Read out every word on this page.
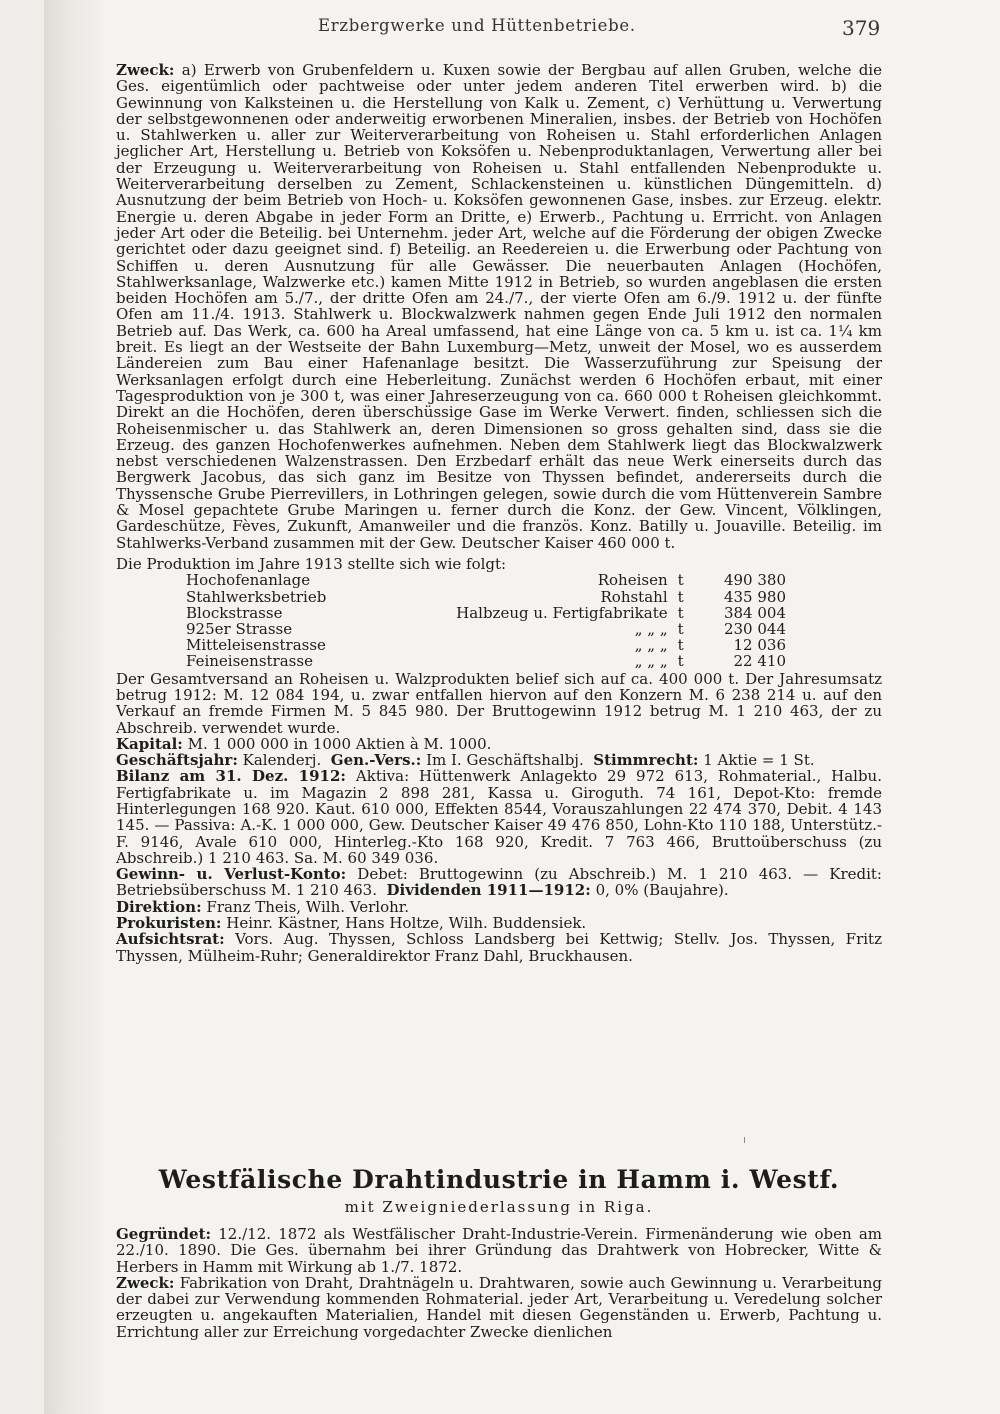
Erzbergwerke und Hüttenbetriebe.	379

Zweck: a) Erwerb von Grubenfeldern u. Kuxen sowie der Bergbau auf allen Gruben, welche die Ges. eigentümlich oder pachtweise oder unter jedem anderen Titel erwerben wird. b) die Gewinnung von Kalksteinen u. die Herstellung von Kalk u. Zement, c) Verhüttung u. Verwertung der selbstgewonnenen oder anderweitig erworbenen Mineralien, insbes. der Betrieb von Hochöfen u. Stahlwerken u. aller zur Weiterverarbeitung von Roheisen u. Stahl erforderlichen Anlagen jeglicher Art, Herstellung u. Betrieb von Koksöfen u. Nebenproduktanlagen, Verwertung aller bei der Erzeugung u. Weiterverarbeitung von Roheisen u. Stahl entfallenden Nebenprodukte u. Weiterverarbeitung derselben zu Zement, Schlackensteinen u. künstlichen Düngemitteln. d) Ausnutzung der beim Betrieb von Hoch- u. Koksöfen gewonnenen Gase, insbes. zur Erzeug. elektr. Energie u. deren Abgabe in jeder Form an Dritte, e) Erwerb., Pachtung u. Errricht. von Anlagen jeder Art oder die Beteilig. bei Unternehm. jeder Art, welche auf die Förderung der obigen Zwecke gerichtet oder dazu geeignet sind. f) Beteilig. an Reedereien u. die Erwerbung oder Pachtung von Schiffen u. deren Ausnutzung für alle Gewässer. Die neuerbauten Anlagen (Hochöfen, Stahlwerksanlage, Walzwerke etc.) kamen Mitte 1912 in Betrieb, so wurden angeblasen die ersten beiden Hochöfen am 5./7., der dritte Ofen am 24./7., der vierte Ofen am 6./9. 1912 u. der fünfte Ofen am 11./4. 1913. Stahlwerk u. Blockwalzwerk nahmen gegen Ende Juli 1912 den normalen Betrieb auf. Das Werk, ca. 600 ha Areal umfassend, hat eine Länge von ca. 5 km u. ist ca. 1¼ km breit. Es liegt an der Westseite der Bahn Luxemburg—Metz, unweit der Mosel, wo es ausserdem Ländereien zum Bau einer Hafenanlage besitzt. Die Wasserzuführung zur Speisung der Werksanlagen erfolgt durch eine Heberleitung. Zunächst werden 6 Hochöfen erbaut, mit einer Tagesproduktion von je 300 t, was einer Jahreserzeugung von ca. 660 000 t Roheisen gleichkommt. Direkt an die Hochöfen, deren überschüssige Gase im Werke Verwert. finden, schliessen sich die Roheisenmischer u. das Stahlwerk an, deren Dimensionen so gross gehalten sind, dass sie die Erzeug. des ganzen Hochofenwerkes aufnehmen. Neben dem Stahlwerk liegt das Blockwalzwerk nebst verschiedenen Walzenstrassen. Den Erzbedarf erhält das neue Werk einerseits durch das Bergwerk Jacobus, das sich ganz im Besitze von Thyssen befindet, andererseits durch die Thyssensche Grube Pierrevillers, in Lothringen gelegen, sowie durch die vom Hüttenverein Sambre & Mosel gepachtete Grube Maringen u. ferner durch die Konz. der Gew. Vincent, Völklingen, Gardeschütze, Fèves, Zukunft, Amanweiler und die französ. Konz. Batilly u. Jouaville. Beteilig. im Stahlwerks-Verband zusammen mit der Gew. Deutscher Kaiser 460 000 t.

Die Produktion im Jahre 1913 stellte sich wie folgt:
Hochofenanlage	Roheisen	t	490 380
Stahlwerksbetrieb	Rohstahl	t	435 980
Blockstrasse	Halbzeug u. Fertigfabrikate	t	384 004
925er Strasse	„ „ „	t	230 044
Mitteleisenstrasse	„ „ „	t	12 036
Feineisenstrasse	„ „ „	t	22 410

Der Gesamtversand an Roheisen u. Walzprodukten belief sich auf ca. 400 000 t. Der Jahresumsatz betrug 1912: M. 12 084 194, u. zwar entfallen hiervon auf den Konzern M. 6 238 214 u. auf den Verkauf an fremde Firmen M. 5 845 980. Der Bruttogewinn 1912 betrug M. 1 210 463, der zu Abschreib. verwendet wurde.

Kapital: M. 1 000 000 in 1000 Aktien à M. 1000.

Geschäftsjahr: Kalenderj. Gen.-Vers.: Im I. Geschäftshalbj. Stimmrecht: 1 Aktie = 1 St.

Bilanz am 31. Dez. 1912: Aktiva: Hüttenwerk Anlagekto 29 972 613, Rohmaterial., Halbu. Fertigfabrikate u. im Magazin 2 898 281, Kassa u. Giroguth. 74 161, Depot-Kto: fremde Hinterlegungen 168 920. Kaut. 610 000, Effekten 8544, Vorauszahlungen 22 474 370, Debit. 4 143 145. — Passiva: A.-K. 1 000 000, Gew. Deutscher Kaiser 49 476 850, Lohn-Kto 110 188, Unterstütz.-F. 9146, Avale 610 000, Hinterleg.-Kto 168 920, Kredit. 7 763 466, Bruttoüberschuss (zu Abschreib.) 1 210 463. Sa. M. 60 349 036.

Gewinn- u. Verlust-Konto: Debet: Bruttogewinn (zu Abschreib.) M. 1 210 463. — Kredit: Betriebsüberschuss M. 1 210 463. Dividenden 1911—1912: 0, 0% (Baujahre).

Direktion: Franz Theis, Wilh. Verlohr.

Prokuristen: Heinr. Kästner, Hans Holtze, Wilh. Buddensiek.

Aufsichtsrat: Vors. Aug. Thyssen, Schloss Landsberg bei Kettwig; Stellv. Jos. Thyssen, Fritz Thyssen, Mülheim-Ruhr; Generaldirektor Franz Dahl, Bruckhausen.

Westfälische Drahtindustrie in Hamm i. Westf.
mit Zweigniederlassung in Riga.

Gegründet: 12./12. 1872 als Westfälischer Draht-Industrie-Verein. Firmenänderung wie oben am 22./10. 1890. Die Ges. übernahm bei ihrer Gründung das Drahtwerk von Hobrecker, Witte & Herbers in Hamm mit Wirkung ab 1./7. 1872.

Zweck: Fabrikation von Draht, Drahtnägeln u. Drahtwaren, sowie auch Gewinnung u. Verarbeitung der dabei zur Verwendung kommenden Rohmaterial. jeder Art, Verarbeitung u. Veredelung solcher erzeugten u. angekauften Materialien, Handel mit diesen Gegenständen u. Erwerb, Pachtung u. Errichtung aller zur Erreichung vorgedachter Zwecke dienlichen
